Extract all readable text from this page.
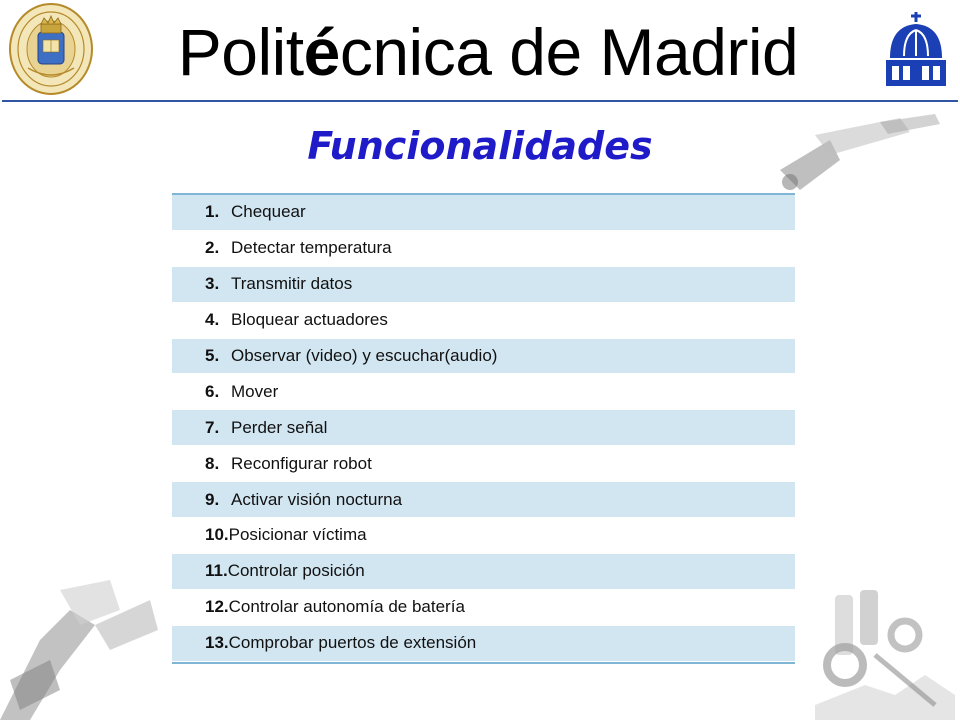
Politécnica de Madrid
Funcionalidades
1. Chequear
2. Detectar temperatura
3. Transmitir datos
4. Bloquear actuadores
5. Observar (video) y escuchar(audio)
6. Mover
7. Perder señal
8. Reconfigurar robot
9. Activar visión nocturna
10. Posicionar víctima
11. Controlar posición
12. Controlar autonomía de batería
13. Comprobar puertos de extensión
